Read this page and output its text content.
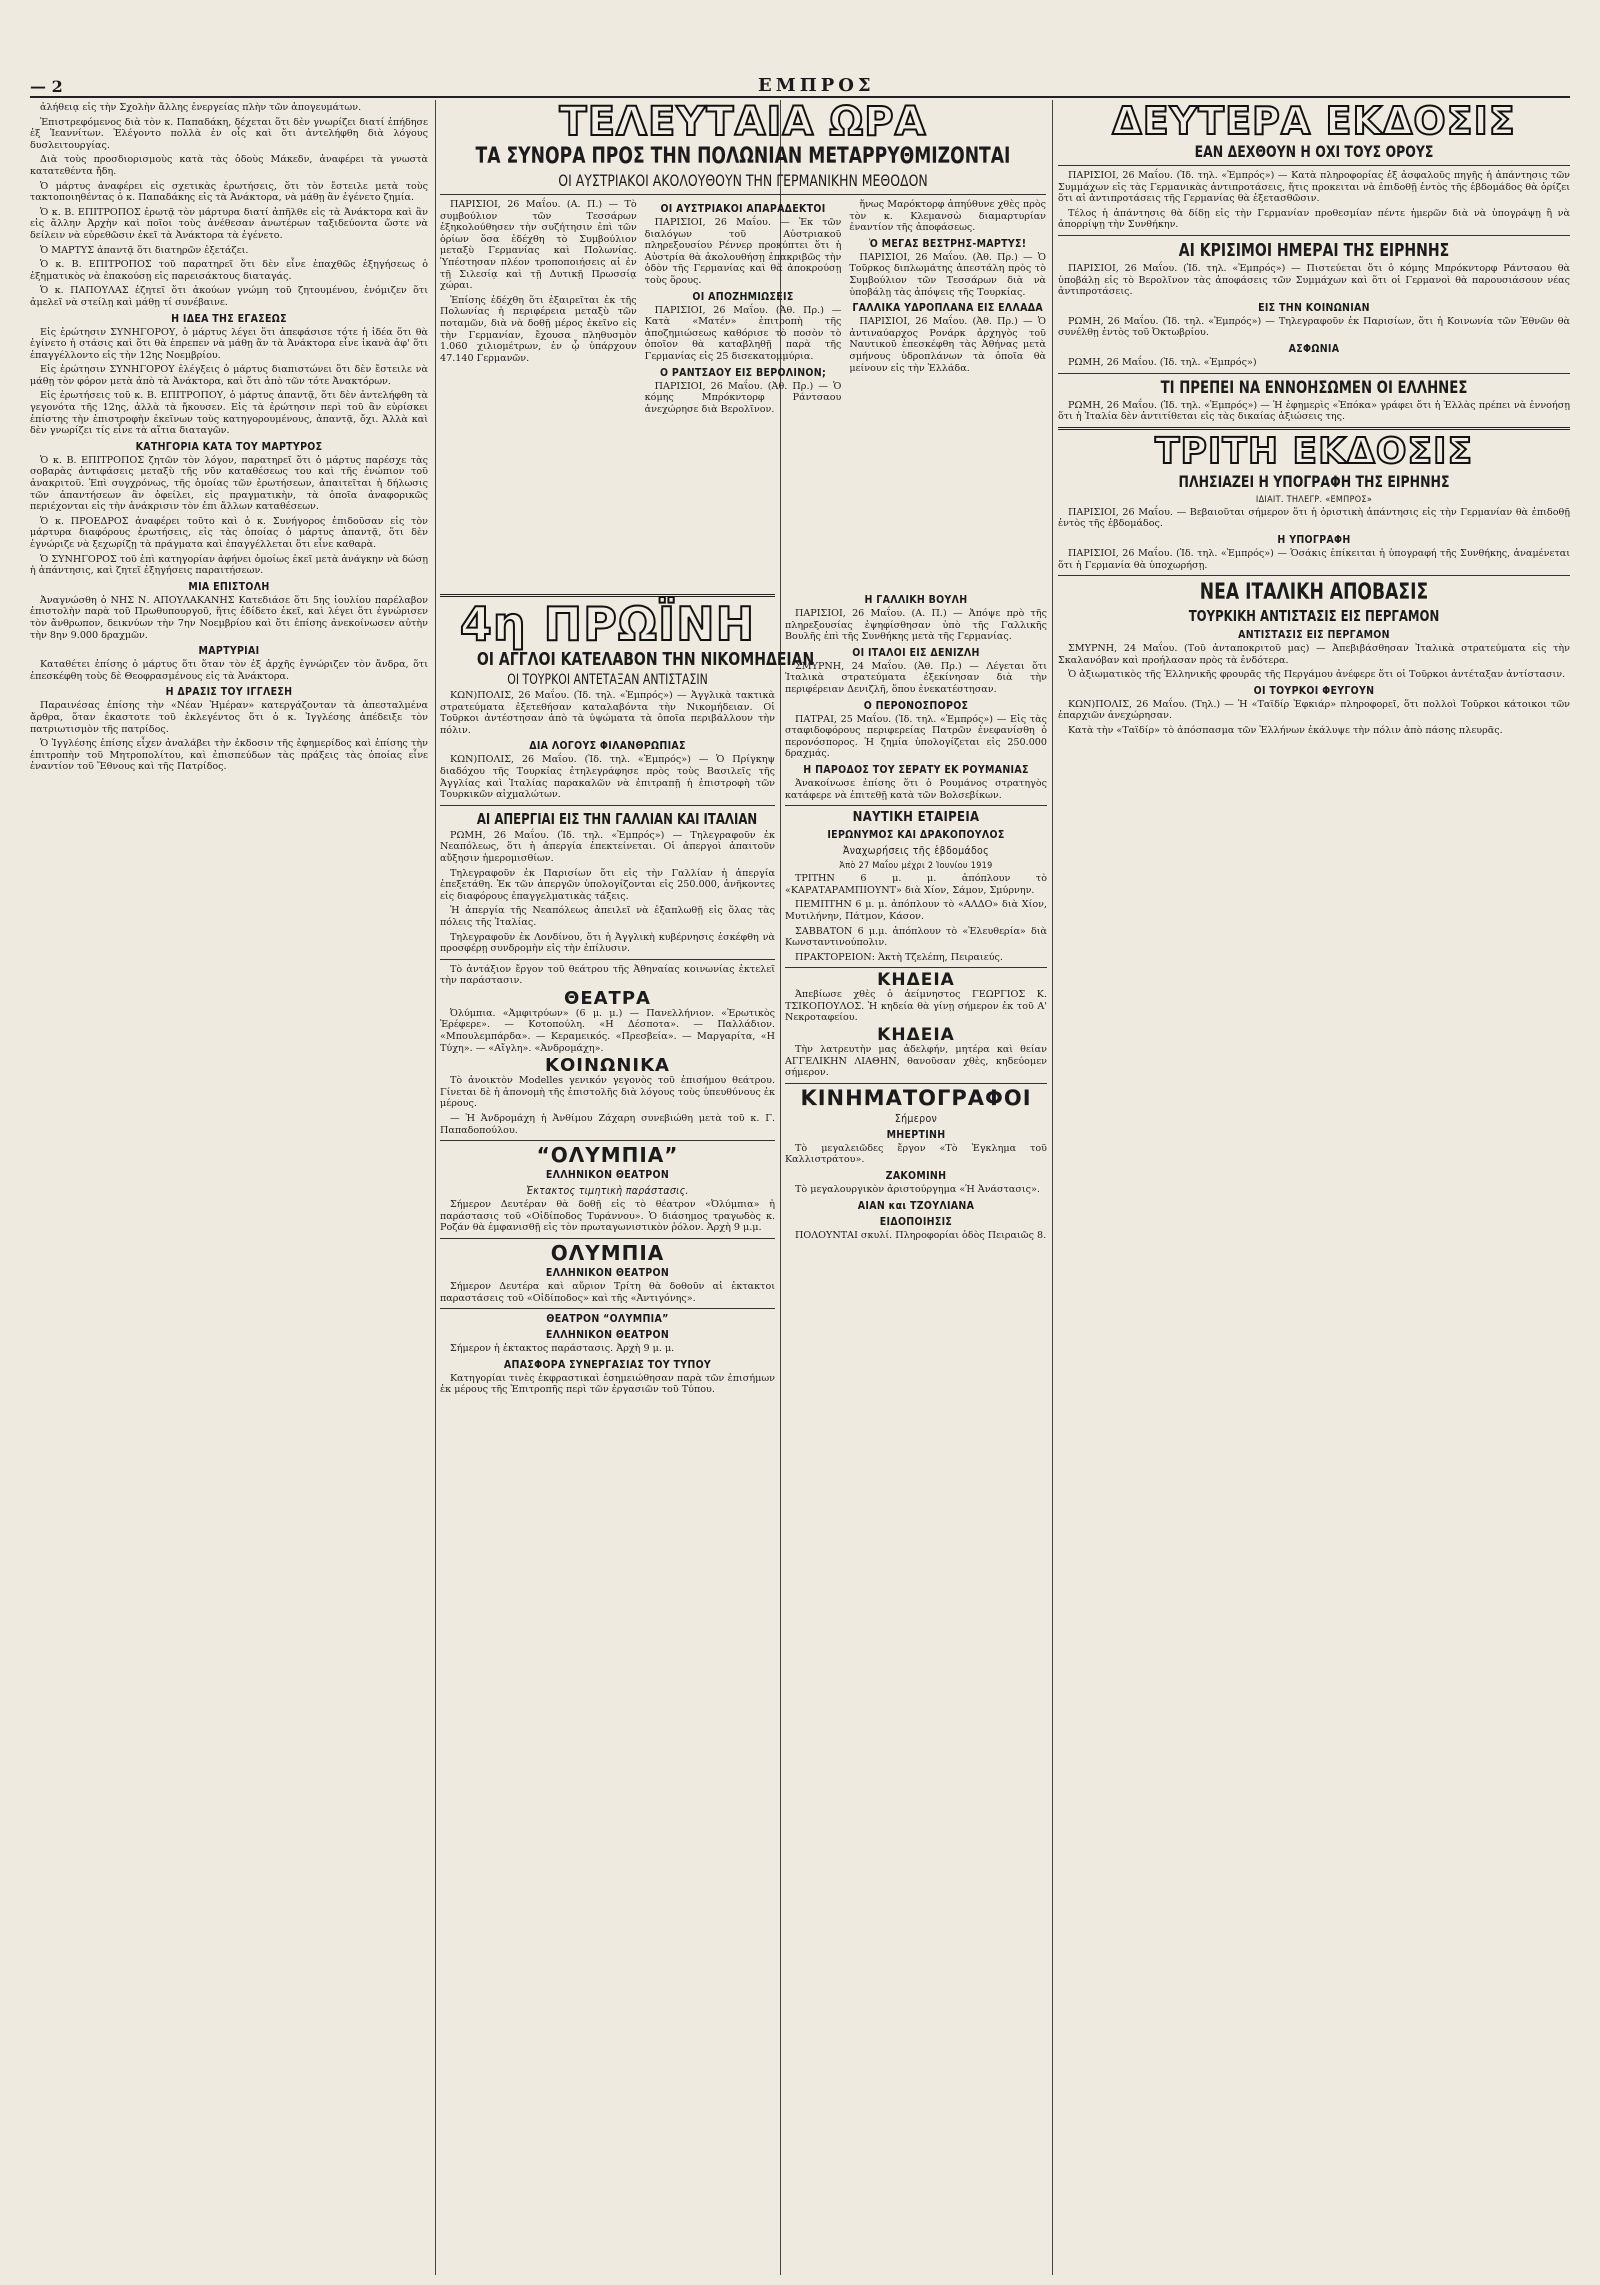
— 2	ΕΜΠΡΟΣ

ἀλήθειᾳ εἰς τὴν Σχολὴν ἄλλης ἐνεργείας πλὴν τῶν ἀπογευμάτων.

Ἐπιστρεφόμενος διὰ τὸν κ. Παπαδάκη, δέχεται ὅτι δὲν γνωρίζει διατί ἐπήδησε ἐξ Ἰεαννίτων. Ἐλέγοντο πολλὰ ἐν οἷς καὶ ὅτι ἀντελήφθη διὰ λόγους δυσλειτουργίας.

Διὰ τοὺς προσδιορισμοὺς κατὰ τὰς ὁδοὺς Μάκεδν, ἀναφέρει τὰ γνωστὰ κατατεθέντα ἤδη.

Ὁ μάρτυς ἀναφέρει εἰς σχετικὰς ἐρωτήσεις, ὅτι τὸν ἔστειλε μετὰ τοὺς τακτοποιηθέντας ὁ κ. Παπαδάκης εἰς τὰ Ἀνάκτορα, νὰ μάθῃ ἂν ἐγένετο ζημία.

Ὁ κ. Β. ΕΠΙΤΡΟΠΟΣ ἐρωτᾷ τὸν μάρτυρα διατί ἀπῆλθε εἰς τὰ Ἀνάκτορα καὶ ἂν εἰς ἄλλην Ἀρχὴν καὶ ποῖοι τοὺς ἀνέθεσαν ἀνωτέρων ταξιδεύοντα ὥστε νὰ δείλειν νὰ εὑρεθῶσιν ἐκεῖ τὰ Ἀνάκτορα τὰ ἐγένετο.

Ὁ ΜΑΡΤΥΣ ἀπαντᾷ ὅτι διατηρῶν ἐξετάζει.

Ὁ κ. Β. ΕΠΙΤΡΟΠΟΣ τοῦ παρατηρεῖ ὅτι δὲν εἶνε ἐπαχθῶς ἐξηγήσεως ὁ ἐξηματικὸς νὰ ἐπακούσῃ εἰς παρεισάκτους διαταγάς.

Ὁ κ. ΠΑΠΟΥΛΑΣ ἐζητεῖ ὅτι ἀκούων γνώμη τοῦ ζητουμένου, ἐνόμιζεν ὅτι ἀμελεῖ νὰ στείλῃ καὶ μάθῃ τί συνέβαινε.

Η ΙΔΕΑ ΤΗΣ ΕΓΑΣΕΩΣ

Εἰς ἐρώτησιν ΣΥΝΗΓΟΡΟΥ, ὁ μάρτυς λέγει ὅτι ἀπεφάσισε τότε ἡ ἰδέα ὅτι θὰ ἐγίνετο ἡ στάσις καὶ ὅτι θὰ ἐπρεπεν νὰ μάθῃ ἂν τὰ Ἀνάκτορα εἶνε ἱκανὰ ἀφ' ὅτι ἐπαγγέλλοντο εἰς τὴν 12ης Νοεμβρίου.

Εἰς ἐρώτησιν ΣΥΝΗΓΟΡΟΥ ἐλέγξεις ὁ μάρτυς διαπιστώνει ὅτι δὲν ἔστειλε νὰ μάθῃ τὸν φόρον μετὰ ἀπὸ τὰ Ἀνάκτορα, καὶ ὅτι ἀπὸ τῶν τότε Ἀνακτόρων.

Εἰς ἐρωτήσεις τοῦ κ. Β. ΕΠΙΤΡΟΠΟΥ, ὁ μάρτυς ἀπαντᾷ, ὅτι δὲν ἀντελήφθη τὰ γεγονότα τῆς 12ης, ἀλλὰ τὰ ἤκουσεν. Εἰς τὰ ἐρώτησιν περὶ τοῦ ἂν εὑρίσκει ἐπίστης τὴν ἐπιστροφὴν ἐκεῖνων τοὺς κατηγορουμένους, ἀπαντᾷ, ὄχι. Ἀλλὰ καὶ δὲν γνωρίζει τίς εἶνε τὰ αἴτια διαταγῶν.

ΚΑΤΗΓΟΡΙΑ ΚΑΤΑ ΤΟΥ ΜΑΡΤΥΡΟΣ

Ὁ κ. Β. ΕΠΙΤΡΟΠΟΣ ζητῶν τὸν λόγον, παρατηρεῖ ὅτι ὁ μάρτυς παρέσχε τὰς σοβαρὰς ἀντιφάσεις μεταξὺ τῆς νῦν καταθέσεως του καὶ τῆς ἐνώπιον τοῦ ἀνακριτοῦ. Ἐπὶ συγχρόνως, τῆς ὁμοίας τῶν ἐρωτήσεων, ἀπαιτεῖται ἡ δήλωσις τῶν ἀπαντήσεων ἂν ὀφείλει, εἰς πραγματικὴν, τὰ ὁποῖα ἀναφορικῶς περιέχονται εἰς τὴν ἀνάκρισιν τὸν ἐπι ἄλλων καταθέσεων.

Ὁ κ. ΠΡΟΕΔΡΟΣ ἀναφέρει τοῦτο καὶ ὁ κ. Συνήγορος ἐπιδοῦσαν εἰς τὸν μάρτυρα διαφόρους ἐρωτήσεις, εἰς τὰς ὁποίας ὁ μάρτυς ἀπαντᾷ, ὅτι δὲν ἐγνώριζε νὰ ξεχωρίζῃ τὰ πράγματα καὶ ἐπαγγέλλεται ὅτι εἶνε καθαρὰ.

Ὁ ΣΥΝΗΓΟΡΟΣ τοῦ ἐπὶ κατηγορίαν ἀφήνει ὁμοίως ἐκεῖ μετὰ ἀνάγκην νὰ δώσῃ ἡ ἀπάντησις, καὶ ζητεῖ ἐξηγήσεις παραιτήσεων.

ΜΙΑ ΕΠΙΣΤΟΛΗ

Ἀναγνώσθη ὁ ΝΗΣ Ν. ΑΠΟΥΛΑΚΑΝΗΣ Κατεδιάσε ὅτι 5ης ἰουλίου παρέλαβον ἐπιστολὴν παρὰ τοῦ Πρωθυπουργοῦ, ἥτις ἐδίδετο ἐκεῖ, καὶ λέγει ὅτι ἐγνώρισεν τὸν ἄνθρωπον, δεικνύων τὴν 7ην Νοεμβρίου καὶ ὅτι ἐπίσης ἀνεκοίνωσεν αὐτὴν τὴν 8ην 9.000 δραχμῶν.

ΜΑΡΤΥΡΙΑΙ

Καταθέτει ἐπίσης ὁ μάρτυς ὅτι ὅταν τὸν ἐξ ἀρχῆς ἐγνώριζεν τὸν ἄνδρα, ὅτι ἐπεσκέφθη τοὺς δὲ Θεοφρασμένους εἰς τὰ Ἀνάκτορα.

Η ΔΡΑΣΙΣ ΤΟΥ ΙΓΓΛΕΣΗ

Παραινέσας ἐπίσης τὴν «Νέαν Ἡμέραν» κατεργάζονταν τὰ ἀπεσταλμένα ἄρθρα, ὅταν ἐκαστοτε τοῦ ἐκλεγέντος ὅτι ὁ κ. Ἰγγλέσης ἀπέδειξε τὸν πατριωτισμὸν τῆς πατρίδος.

Ὁ Ἰγγλέσης ἐπίσης εἶχεν ἀναλάβει τὴν ἐκδοσιν τῆς ἐφημερίδος καὶ ἐπίσης τὴν ἐπιτροπὴν τοῦ Μητροπολίτου, καὶ ἐπισπεύδων τὰς πράξεις τὰς ὁποίας εἶνε ἐναντίον τοῦ Ἔθνους καὶ τῆς Πατρίδος.

ΤΕΛΕΥΤΑΙΑ ΩΡΑ
ΤΑ ΣΥΝΟΡΑ ΠΡΟΣ ΤΗΝ ΠΟΛΩΝΙΑΝ ΜΕΤΑΡΡΥΘΜΙΖΟΝΤΑΙ
ΟΙ ΑΥΣΤΡΙΑΚΟΙ ΑΚΟΛΟΥΘΟΥΝ ΤΗΝ ΓΕΡΜΑΝΙΚΗΝ ΜΕΘΟΔΟΝ

ΠΑΡΙΣΙΟΙ, 26 Μαΐου. (Α. Π.) — Τὸ συμβούλιον τῶν Τεσσάρων ἐξηκολούθησεν τὴν συζήτησιν ἐπὶ τῶν ὁρίων ὅσα ἐδέχθη τὸ Συμβούλιον μεταξὺ Γερμανίας καὶ Πολωνίας. Ὑπέστησαν πλέον τροποποιήσεις αἱ ἐν τῇ Σιλεσίᾳ καὶ τῇ Δυτικῇ Πρωσσίᾳ χώραι.

Ἐπίσης ἐδέχθη ὅτι ἐξαιρεῖται ἐκ τῆς Πολωνίας ἡ περιφέρεια μεταξὺ τῶν ποταμῶν, διὰ νὰ δοθῇ μέρος ἐκεῖνο εἰς τὴν Γερμανίαν, ἔχουσα πληθυσμὸν 1.060 χιλιομέτρων, ἐν ᾧ ὑπάρχουν 47.140 Γερμανῶν.

ΟΙ ΑΥΣΤΡΙΑΚΟΙ ΑΠΑΡΑΔΕΚΤΟΙ

ΠΑΡΙΣΙΟΙ, 26 Μαΐου. — Ἐκ τῶν διαλόγων τοῦ Αὐστριακοῦ πληρεξουσίου Ρέννερ προκύπτει ὅτι ἡ Αὐστρία θὰ ἀκολουθήσῃ ἐπακριβῶς τὴν ὁδὸν τῆς Γερμανίας καὶ θὰ ἀποκρούσῃ τοὺς ὅρους.

ΟΙ ΑΠΟΖΗΜΙΩΣΕΙΣ

ΠΑΡΙΣΙΟΙ, 26 Μαΐου. (Ἀθ. Πρ.) — Κατὰ «Ματέν» ἐπιτροπὴ τῆς ἀποζημιώσεως καθόρισε τὸ ποσὸν τὸ ὁποῖον θὰ καταβληθῇ παρὰ τῆς Γερμανίας εἰς 25 δισεκατομμύρια.

Ο ΡΑΝΤΣΑΟΥ ΕΙΣ ΒΕΡΟΛΙΝΟΝ;

ΠΑΡΙΣΙΟΙ, 26 Μαΐου. (Ἀθ. Πρ.) — Ὁ κόμης Μπρόκντορφ Ράντσαου ἀνεχώρησε διὰ Βερολῖνον.

ἥνως Μαρόκτορφ ἀπηύθυνε χθὲς πρὸς τὸν κ. Κλεμανσὼ διαμαρτυρίαν ἐναντίον τῆς ἀποφάσεως.

Ὁ ΜΕΓΑΣ ΒΕΣΤΡΗΣ-ΜΑΡΤΥΣ!

ΠΑΡΙΣΙΟΙ, 26 Μαΐου. (Ἀθ. Πρ.) — Ὁ Τοῦρκος διπλωμάτης ἀπεστάλη πρὸς τὸ Συμβούλιον τῶν Τεσσάρων διὰ νὰ ὑποβάλῃ τὰς ἀπόψεις τῆς Τουρκίας.

ΓΑΛΛΙΚΑ ΥΔΡΟΠΛΑΝΑ ΕΙΣ ΕΛΛΑΔΑ

ΠΑΡΙΣΙΟΙ, 26 Μαΐου. (Ἀθ. Πρ.) — Ὁ ἀντιναύαρχος Ρονάρκ ἀρχηγὸς τοῦ Ναυτικοῦ ἐπεσκέφθη τὰς Ἀθήνας μετὰ σμήνους ὑδροπλάνων τὰ ὁποῖα θὰ μείνουν εἰς τὴν Ἑλλάδα.

4η ΠΡΩΪΝΗ
ΟΙ ΑΓΓΛΟΙ ΚΑΤΕΛΑΒΟΝ ΤΗΝ ΝΙΚΟΜΗΔΕΙΑΝ
ΟΙ ΤΟΥΡΚΟΙ ΑΝΤΕΤΑΞΑΝ ΑΝΤΙΣΤΑΣΙΝ

ΚΩΝ)ΠΟΛΙΣ, 26 Μαΐου. (Ἰδ. τηλ. «Ἐμπρός») — Ἀγγλικὰ τακτικὰ στρατεύματα ἐξετεθήσαν καταλαβόντα τὴν Νικομήδειαν. Οἱ Τοῦρκοι ἀντέστησαν ἀπὸ τὰ ὑψώματα τὰ ὁποῖα περιβάλλουν τὴν πόλιν.

ΔΙΑ ΛΟΓΟΥΣ ΦΙΛΑΝΘΡΩΠΙΑΣ

ΚΩΝ)ΠΟΛΙΣ, 26 Μαΐου. (Ἰδ. τηλ. «Ἐμπρός») — Ὁ Πρίγκηψ διαδόχου τῆς Τουρκίας ἐτηλεγράφησε πρὸς τοὺς Βασιλεῖς τῆς Ἀγγλίας καὶ Ἰταλίας παρακαλῶν νὰ ἐπιτραπῇ ἡ ἐπιστροφὴ τῶν Τουρκικῶν αἰχμαλώτων.

ΑΙ ΑΠΕΡΓΙΑΙ ΕΙΣ ΤΗΝ ΓΑΛΛΙΑΝ ΚΑΙ ΙΤΑΛΙΑΝ

ΡΩΜΗ, 26 Μαΐου. (Ἰδ. τηλ. «Ἐμπρός») — Τηλεγραφοῦν ἐκ Νεαπόλεως, ὅτι ἡ ἀπεργία ἐπεκτείνεται. Οἱ ἀπεργοὶ ἀπαιτοῦν αὔξησιν ἡμερομισθίων.

Τηλεγραφοῦν ἐκ Παρισίων ὅτι εἰς τὴν Γαλλίαν ἡ ἀπεργία ἐπεξετάθη. Ἐκ τῶν ἀπεργῶν ὑπολογίζονται εἰς 250.000, ἀνῆκοντες εἰς διαφόρους ἐπαγγελματικὰς τάξεις.

Ἡ ἀπεργία τῆς Νεαπόλεως ἀπειλεῖ νὰ ἐξαπλωθῇ εἰς ὅλας τὰς πόλεις τῆς Ἰταλίας.

Τηλεγραφοῦν ἐκ Λονδίνου, ὅτι ἡ Ἀγγλικὴ κυβέρνησις ἐσκέφθη νὰ προσφέρῃ συνδρομὴν εἰς τὴν ἐπίλυσιν.

Τὸ ἀντάξιον ἔργον τοῦ θεάτρου τῆς Ἀθηναίας κοινωνίας ἐκτελεῖ τὴν παράστασιν.

ΘΕΑΤΡΑ

Ὀλύμπια. «Ἀμφιτρύων» (6 μ. μ.) — Πανελλήνιον. «Ἐρωτικὸς Ἐρέφερε». — Κοτοπούλη. «Η Δέσποτα». — Παλλάδιον. «Μπουλεμπάρδα». — Κεραμεικός. «Πρεσβεία». — Μαργαρίτα, «Η Τύχη». — «Αἴγλη». «Ἀνδρομάχη».

ΚΟΙΝΩΝΙΚΑ

Τὸ ἀνοικτὸν Modelles γενικόν γεγονὸς τοῦ ἐπισήμου θεάτρου. Γίνεται δὲ ἡ ἀπονομὴ τῆς ἐπιστολῆς διὰ λόγους τοὺς ὑπευθύνους ἐκ μέρους.

— Ἡ Ἀνδρομάχη ἡ Ἀνθίμου Ζάχαρη συνεβιώθη μετὰ τοῦ κ. Γ. Παπαδοπούλου.

“ΟΛΥΜΠΙΑ”
ΕΛΛΗΝΙΚΟΝ ΘΕΑΤΡΟΝ
Ἐκτακτος τιμητικὴ παράστασις.

Σήμερον Δευτέραν θὰ δοθῇ εἰς τὸ θέατρον «Ὀλύμπια» ἡ παράστασις τοῦ «Οἰδίποδος Τυράννου». Ὁ διάσημος τραγωδὸς κ. Ροζάν θὰ ἐμφανισθῇ εἰς τὸν πρωταγωνιστικὸν ῥόλον. Ἀρχὴ 9 μ.μ.

ΟΛΥΜΠΙΑ
ΕΛΛΗΝΙΚΟΝ ΘΕΑΤΡΟΝ

Σήμερον Δευτέρα καὶ αὔριον Τρίτη θὰ δοθοῦν αἱ ἐκτακτοι παραστάσεις τοῦ «Οἰδίποδος» καὶ τῆς «Ἀντιγόνης».

ΘΕΑΤΡΟΝ “ΟΛΥΜΠΙΑ”
ΕΛΛΗΝΙΚΟΝ ΘΕΑΤΡΟΝ

Σήμερον ἡ ἐκτακτος παράστασις. Ἀρχὴ 9 μ. μ.

ΑΠΑΣΦΟΡΑ ΣΥΝΕΡΓΑΣΙΑΣ ΤΟΥ ΤΥΠΟΥ

Κατηγορίαι τινὲς ἐκφραστικαὶ ἐσημειώθησαν παρὰ τῶν ἐπισήμων ἐκ μέρους τῆς Ἐπιτροπῆς περὶ τῶν ἐργασιῶν τοῦ Τύπου.

Η ΓΑΛΛΙΚΗ ΒΟΥΛΗ

ΠΑΡΙΣΙΟΙ, 26 Μαΐου. (Α. Π.) — Ἀπόψε πρὸ τῆς πληρεξουσίας ἐψηφίσθησαν ὑπὸ τῆς Γαλλικῆς Βουλῆς ἐπὶ τῆς Συνθήκης μετὰ τῆς Γερμανίας.

ΟΙ ΙΤΑΛΟΙ ΕΙΣ ΔΕΝΙΖΛΗ

ΣΜΥΡΝΗ, 24 Μαΐου. (Ἀθ. Πρ.) — Λέγεται ὅτι Ἰταλικὰ στρατεύματα ἐξεκίνησαν διὰ τὴν περιφέρειαν Δενιζλῆ, ὅπου ἐνεκατέστησαν.

Ο ΠΕΡΟΝΟΣΠΟΡΟΣ

ΠΑΤΡΑΙ, 25 Μαΐου. (Ἰδ. τηλ. «Ἐμπρός») — Εἰς τὰς σταφιδοφόρους περιφερείας Πατρῶν ἐνεφανίσθη ὁ περονόσπορος. Ἡ ζημία ὑπολογίζεται εἰς 250.000 δραχμάς.

Η ΠΑΡΟΔΟΣ ΤΟΥ ΣΕΡΑΤΥ ΕΚ ΡΟΥΜΑΝΙΑΣ

Ἀνακοίνωσε ἐπίσης ὅτι ὁ Ρουμάνος στρατηγὸς κατάφερε νὰ ἐπιτεθῇ κατὰ τῶν Βολσεβίκων.

ΝΑΥΤΙΚΗ ΕΤΑΙΡΕΙΑ
ΙΕΡΩΝΥΜΟΣ ΚΑΙ ΔΡΑΚΟΠΟΥΛΟΣ
Ἀναχωρήσεις τῆς ἑβδομάδος
Ἀπὸ 27 Μαΐου μέχρι 2 Ἰουνίου 1919

ΤΡΙΤΗΝ 6 μ. μ. ἀπόπλουν τὸ «ΚΑΡΑΤΑΡΑΜΠΙΟΥΝΤ» διὰ Χίον, Σάμον, Σμύρνην.

ΠΕΜΠΤΗΝ 6 μ. μ. ἀπόπλουν τὸ «ΑΛΔΟ» διὰ Χίον, Μυτιλήνην, Πάτμον, Κάσον.

ΣΑΒΒΑΤΟΝ 6 μ.μ. ἀπόπλουν τὸ «Ἐλευθερία» διὰ Κωνσταντινούπολιν.

ΠΡΑΚΤΟΡΕΙΟΝ: Ἀκτὴ Τζελέπη, Πειραιεύς.

ΚΗΔΕΙΑ

Ἀπεβίωσε χθὲς ὁ ἀείμνηστος ΓΕΩΡΓΙΟΣ Κ. ΤΣΙΚΟΠΟΥΛΟΣ. Ἡ κηδεία θὰ γίνῃ σήμερον ἐκ τοῦ Α' Νεκροταφείου.

ΚΗΔΕΙΑ

Τὴν λατρευτὴν μας ἀδελφήν, μητέρα καὶ θείαν ΑΓΓΕΛΙΚΗΝ ΛΙΑΘΗΝ, θανοῦσαν χθὲς, κηδεύομεν σήμερον.

ΚΙΝΗΜΑΤΟΓΡΑΦΟΙ
Σήμερον
ΜΗΕΡΤΙΝΗ

Τὸ μεγαλειῶδες ἔργον «Τὸ Ἐγκλημα τοῦ Καλλιστράτου».

ΖΑΚΟΜΙΝΗ

Τὸ μεγαλουργικὸν ἀριστούργημα «Ἡ Ἀνάστασις».

ΑΙΑΝ και ΤΖΟΥΛΙΑΝΑ
ΕΙΔΟΠΟΙΗΣΙΣ

ΠΟΛΟΥΝΤΑΙ σκυλί. Πληροφορίαι ὁδὸς Πειραιῶς 8.

ΔΕΥΤΕΡΑ ΕΚΔΟΣΙΣ
ΕΑΝ ΔΕΧΘΟΥΝ Η ΟΧΙ ΤΟΥΣ ΟΡΟΥΣ

ΠΑΡΙΣΙΟΙ, 26 Μαΐου. (Ἰδ. τηλ. «Ἐμπρός») — Κατὰ πληροφορίας ἐξ ἀσφαλοῦς πηγῆς ἡ ἀπάντησις τῶν Συμμάχων εἰς τὰς Γερμανικὰς ἀντιπροτάσεις, ἥτις προκειται νὰ ἐπιδοθῇ ἐντὸς τῆς ἑβδομάδος θὰ ὁρίζει ὅτι αἱ ἀντιπροτάσεις τῆς Γερμανίας θὰ ἐξετασθῶσιν.

Τέλος ἡ ἀπάντησις θὰ δίδῃ εἰς τὴν Γερμανίαν προθεσμίαν πέντε ἡμερῶν διὰ νὰ ὑπογράψῃ ἢ νὰ ἀπορρίψῃ τὴν Συνθήκην.

ΑΙ ΚΡΙΣΙΜΟΙ ΗΜΕΡΑΙ ΤΗΣ ΕΙΡΗΝΗΣ

ΠΑΡΙΣΙΟΙ, 26 Μαΐου. (Ἰδ. τηλ. «Ἐμπρός») — Πιστεύεται ὅτι ὁ κόμης Μπρόκντορφ Ράντσαου θὰ ὑποβάλῃ εἰς τὸ Βερολῖνον τὰς ἀποφάσεις τῶν Συμμάχων καὶ ὅτι οἱ Γερμανοὶ θὰ παρουσιάσουν νέας ἀντιπροτάσεις.

ΕΙΣ ΤΗΝ ΚΟΙΝΩΝΙΑΝ

ΡΩΜΗ, 26 Μαΐου. (Ἰδ. τηλ. «Ἐμπρός») — Τηλεγραφοῦν ἐκ Παρισίων, ὅτι ἡ Κοινωνία τῶν Ἐθνῶν θὰ συνέλθῃ ἐντὸς τοῦ Ὀκτωβρίου.

ΑΣΦΩΝΙΑ

ΡΩΜΗ, 26 Μαΐου. (Ἰδ. τηλ. «Ἐμπρός»)

ΤΙ ΠΡΕΠΕΙ ΝΑ ΕΝΝΟΗΣΩΜΕΝ ΟΙ ΕΛΛΗΝΕΣ

ΡΩΜΗ, 26 Μαΐου. (Ἰδ. τηλ. «Ἐμπρός») — Ἡ ἐφημερὶς «Ἐπόκα» γράφει ὅτι ἡ Ἑλλὰς πρέπει νὰ ἐννοήσῃ ὅτι ἡ Ἰταλία δὲν ἀντιτίθεται εἰς τὰς δικαίας ἀξιώσεις της.

ΤΡΙΤΗ ΕΚΔΟΣΙΣ
ΠΛΗΣΙΑΖΕΙ Η ΥΠΟΓΡΑΦΗ ΤΗΣ ΕΙΡΗΝΗΣ
ΙΔΙΑΙΤ. ΤΗΛΕΓΡ. «ΕΜΠΡΟΣ»

ΠΑΡΙΣΙΟΙ, 26 Μαΐου. — Βεβαιοῦται σήμερον ὅτι ἡ ὁριστικὴ ἀπάντησις εἰς τὴν Γερμανίαν θὰ ἐπιδοθῇ ἐντὸς τῆς ἑβδομάδος.

Η ΥΠΟΓΡΑΦΗ

ΠΑΡΙΣΙΟΙ, 26 Μαΐου. (Ἰδ. τηλ. «Ἐμπρός») — Ὁσάκις ἐπίκειται ἡ ὑπογραφή τῆς Συνθήκης, ἀναμένεται ὅτι ἡ Γερμανία θὰ ὑποχωρήσῃ.

ΝΕΑ ΙΤΑΛΙΚΗ ΑΠΟΒΑΣΙΣ
ΤΟΥΡΚΙΚΗ ΑΝΤΙΣΤΑΣΙΣ ΕΙΣ ΠΕΡΓΑΜΟΝ
ΑΝΤΙΣΤΑΣΙΣ ΕΙΣ ΠΕΡΓΑΜΟΝ

ΣΜΥΡΝΗ, 24 Μαΐου. (Τοῦ ἀνταποκριτοῦ μας) — Ἀπεβιβάσθησαν Ἰταλικὰ στρατεύματα εἰς τὴν Σκαλανόβαν καὶ προήλασαν πρὸς τὰ ἐνδότερα.

Ὁ ἀξιωματικὸς τῆς Ἑλληνικῆς φρουρᾶς τῆς Περγάμου ἀνέφερε ὅτι οἱ Τοῦρκοι ἀντέταξαν ἀντίστασιν.

ΟΙ ΤΟΥΡΚΟΙ ΦΕΥΓΟΥΝ

ΚΩΝ)ΠΟΛΙΣ, 26 Μαΐου. (Τηλ.) — Ἡ «Ταϊδίρ Ἐφκιάρ» πληροφορεῖ, ὅτι πολλοὶ Τοῦρκοι κάτοικοι τῶν ἐπαρχιῶν ἀνεχώρησαν.

Κατὰ τὴν «Ταϊδίρ» τὸ ἀπόσπασμα τῶν Ἐλλήνων ἐκάλυψε τὴν πόλιν ἀπὸ πάσης πλευρᾶς.
